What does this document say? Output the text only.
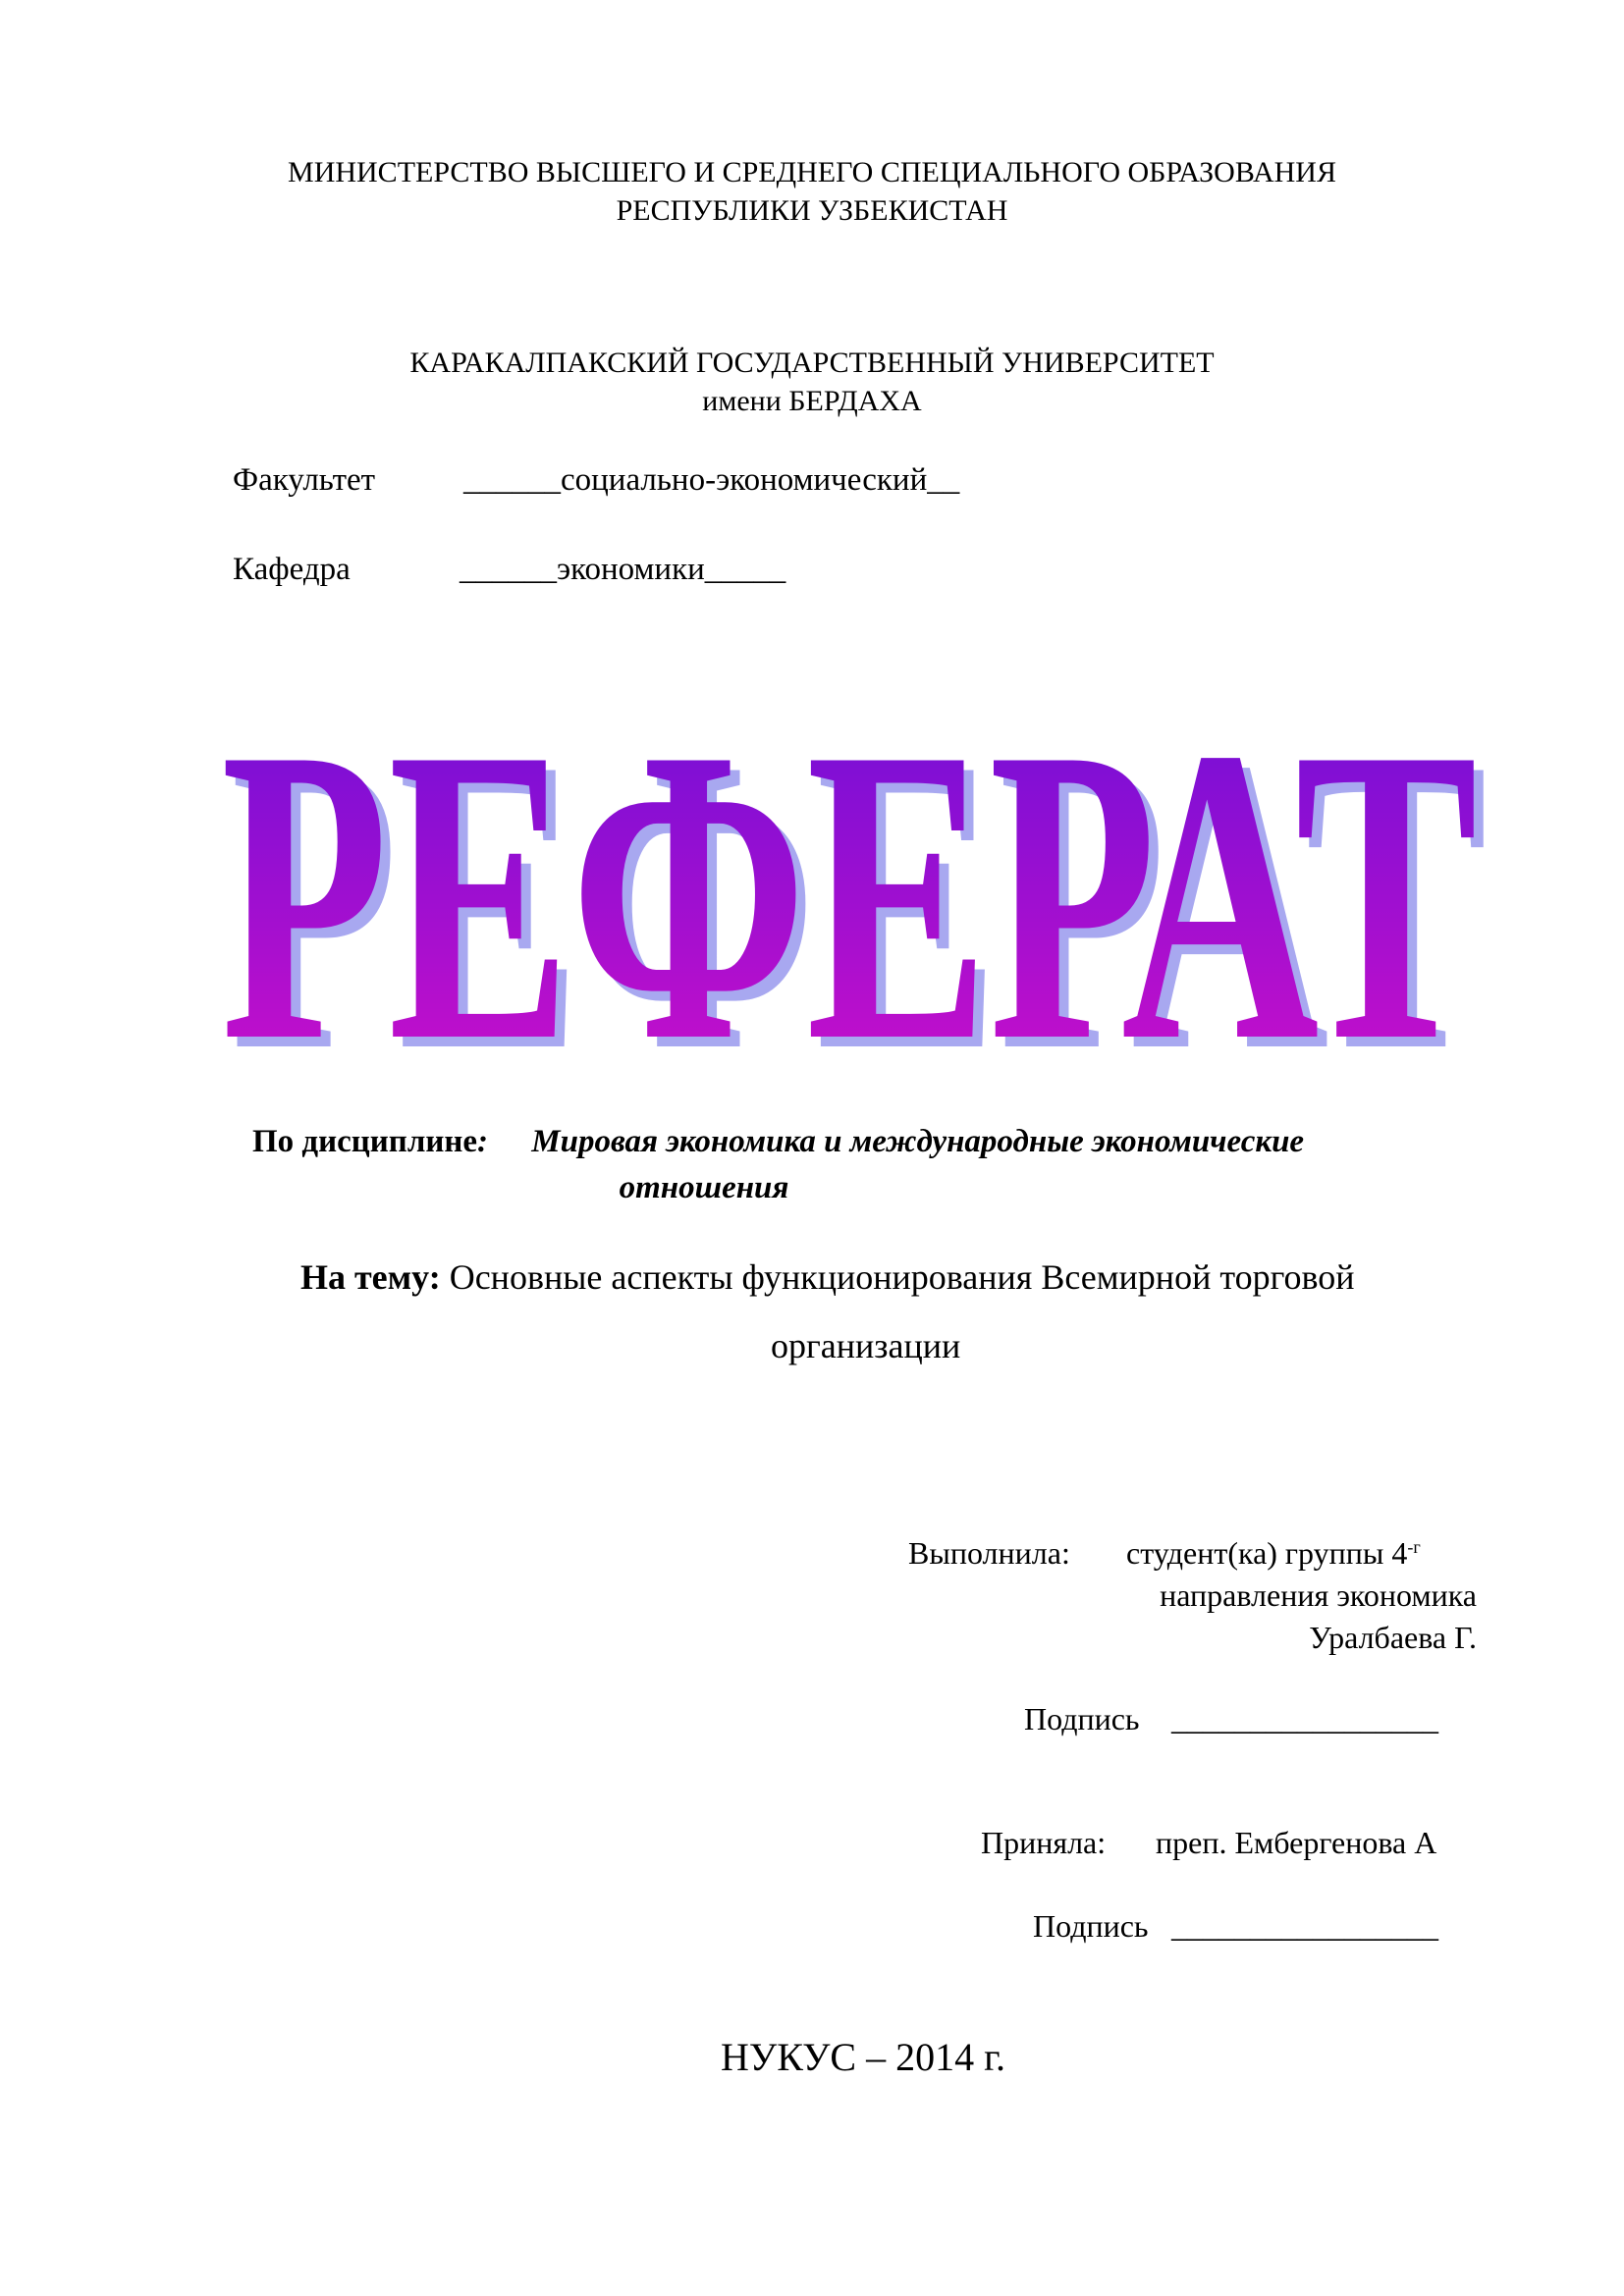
МИНИСТЕРСТВО ВЫСШЕГО И СРЕДНЕГО СПЕЦИАЛЬНОГО ОБРАЗОВАНИЯ
РЕСПУБЛИКИ УЗБЕКИСТАН
КАРАКАЛПАКСКИЙ ГОСУДАРСТВЕННЫЙ УНИВЕРСИТЕТ
имени БЕРДАХА
Факультет	______социально-экономический__
Кафедра	______экономики_____
РЕФЕРАТ
РЕФЕРАТ
По дисциплине: Мировая экономика и международные экономические
отношения
На тему: Основные аспекты функционирования Всемирной торговой
организации
Выполнила: студент(ка) группы $4^{-г}$
направления экономика
Уралбаева Г.
Подпись _________________
Приняла: преп. Ембергенова А
Подпись _________________
НУКУС – 2014 г.
